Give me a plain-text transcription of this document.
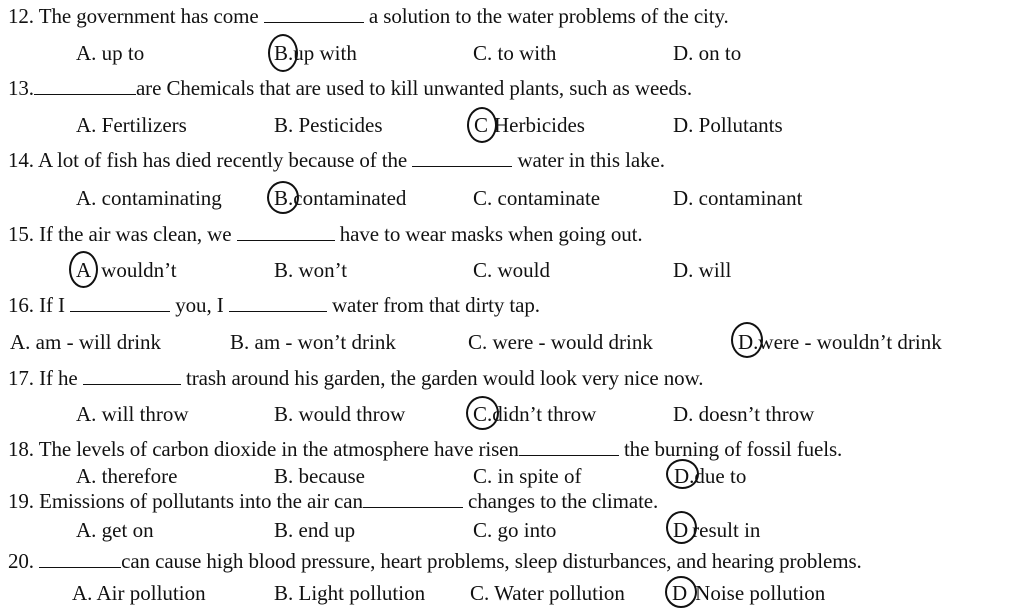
12. The government has come	a solution to the water problems of the city.
A. up to	B.up with	C. to with	D. on to
13.	are Chemicals that are used to kill unwanted plants, such as weeds.
A. Fertilizers	B. Pesticides	C Herbicides	D. Pollutants
14. A lot of fish has died recently because of the	water in this lake.
A. contaminating B.contaminated	C. contaminate	D. contaminant
15. If the air was clean, we	have to wear masks when going out.
A wouldn’t	B. won’t	C. would	D. will
16. If I	you, I	water from that dirty tap.
A. am - will drink	B. am - won’t drink	C. were - would drink	D.were - wouldn’t drink
17. If he	trash around his garden, the garden would look very nice now.
A. will throw	B. would throw	C.didn’t throw	D. doesn’t throw
18. The levels of carbon dioxide in the atmosphere have risen	the burning of fossil fuels.
A. therefore	B. because	C. in spite of	D.due to
19. Emissions of pollutants into the air can	changes to the climate.
A. get on	B. end up	C. go into	D result in
20.	can cause high blood pressure, heart problems, sleep disturbances, and hearing problems.
A. Air pollution	B. Light pollution C. Water pollution D Noise pollution
